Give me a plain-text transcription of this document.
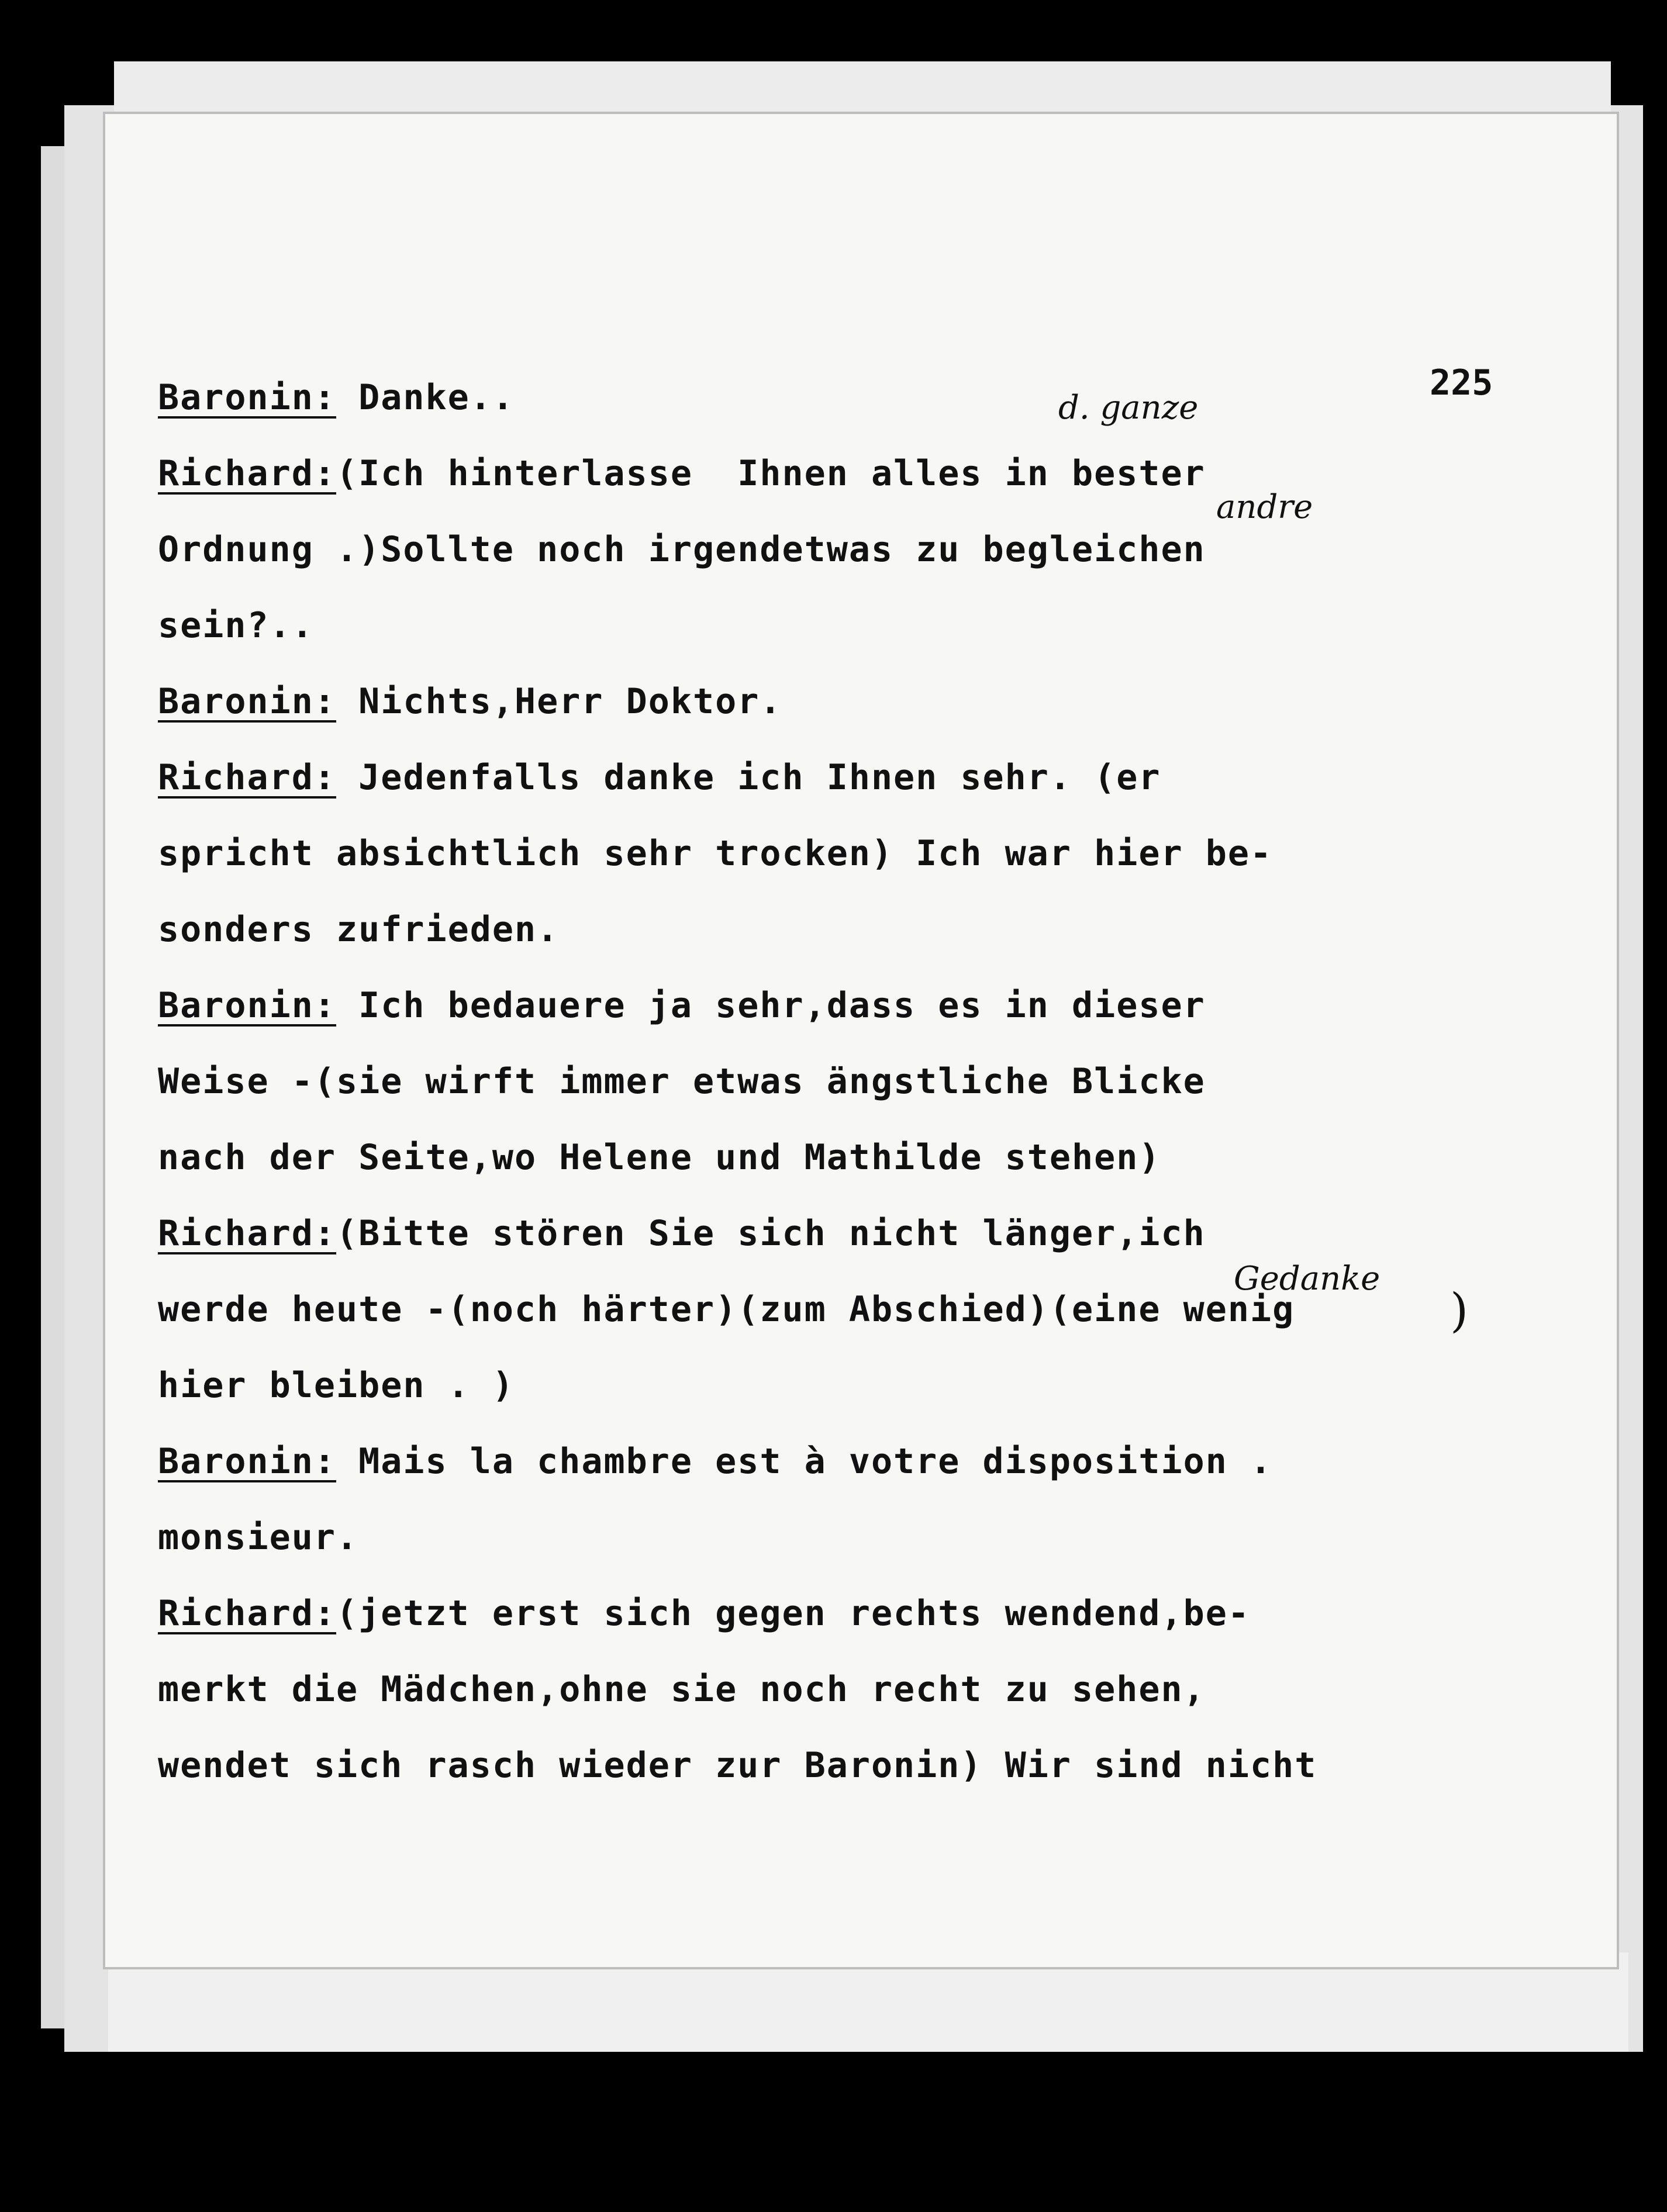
225
Baronin: Danke..
Richard:(Ich hinterlasse  Ihnen alles in bester
Ordnung .)Sollte noch irgendetwas zu begleichen
sein?..
Baronin: Nichts,Herr Doktor.
Richard: Jedenfalls danke ich Ihnen sehr. (er
spricht absichtlich sehr trocken) Ich war hier be-
sonders zufrieden.
Baronin: Ich bedauere ja sehr,dass es in dieser
Weise -(sie wirft immer etwas ängstliche Blicke
nach der Seite,wo Helene und Mathilde stehen)
Richard:(Bitte stören Sie sich nicht länger,ich
werde heute -(noch härter)(zum Abschied)(eine wenig
hier bleiben . )
Baronin: Mais la chambre est à votre disposition .
monsieur.
Richard:(jetzt erst sich gegen rechts wendend,be-
merkt die Mädchen,ohne sie noch recht zu sehen,
wendet sich rasch wieder zur Baronin) Wir sind nicht
d. ganze
andre
Gedanke
)
